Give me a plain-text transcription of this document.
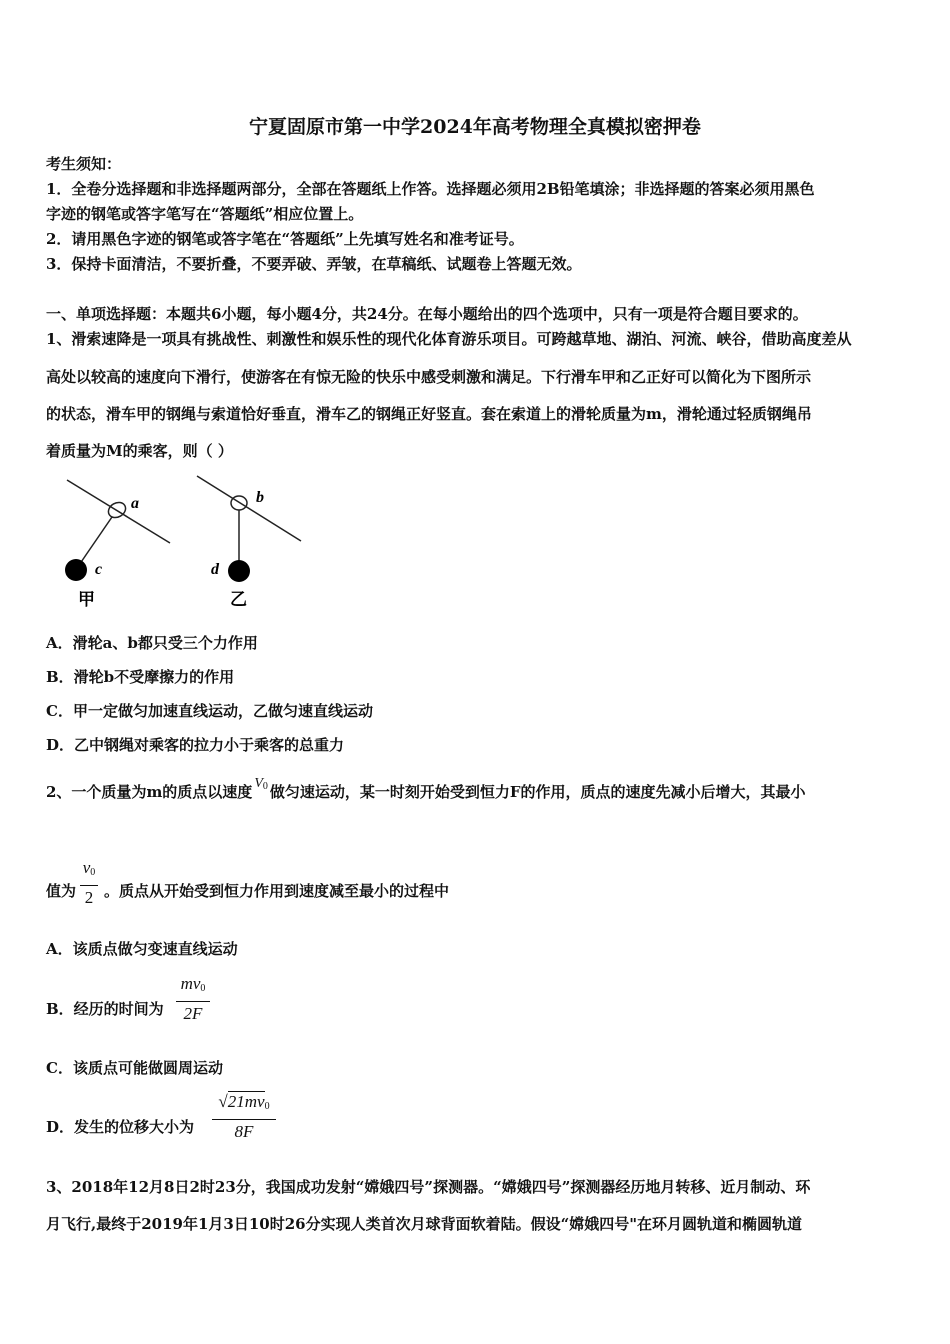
宁夏固原市第一中学2024年高考物理全真模拟密押卷
考生须知：
1．全卷分选择题和非选择题两部分，全部在答题纸上作答。选择题必须用2B铅笔填涂；非选择题的答案必须用黑色
字迹的钢笔或答字笔写在“答题纸”相应位置上。
2．请用黑色字迹的钢笔或答字笔在“答题纸”上先填写姓名和准考证号。
3．保持卡面清洁，不要折叠，不要弄破、弄皱，在草稿纸、试题卷上答题无效。
一、单项选择题：本题共6小题，每小题4分，共24分。在每小题给出的四个选项中，只有一项是符合题目要求的。
1、滑索速降是一项具有挑战性、刺激性和娱乐性的现代化体育游乐项目。可跨越草地、湖泊、河流、峡谷，借助高度差从
高处以较高的速度向下滑行，使游客在有惊无险的快乐中感受刺激和满足。下行滑车甲和乙正好可以简化为下图所示
的状态，滑车甲的钢绳与索道恰好垂直，滑车乙的钢绳正好竖直。套在索道上的滑轮质量为m，滑轮通过轻质钢绳吊
着质量为M的乘客，则（ ）
a
c
甲
b
d
乙
A．滑轮a、b都只受三个力作用
B．滑轮b不受摩擦力的作用
C．甲一定做匀加速直线运动，乙做匀速直线运动
D．乙中钢绳对乘客的拉力小于乘客的总重力
2、一个质量为m的质点以速度 $V_0$ 做匀速运动，某一时刻开始受到恒力F的作用，质点的速度先减小后增大，其最小
值为
$v_0$
2 。质点从开始受到恒力作用到速度减至最小的过程中
A．该质点做匀变速直线运动
B．经历的时间为
$mv_0$
2F
C．该质点可能做圆周运动
D．发生的位移大小为
$√21mv_0$
8F
3、2018年12月8日2时23分，我国成功发射“嫦娥四号”探测器。“嫦娥四号”探测器经历地月转移、近月制动、环
月飞行,最终于2019年1月3日10时26分实现人类首次月球背面软着陆。假设“嫦娥四号"在环月圆轨道和椭圆轨道
